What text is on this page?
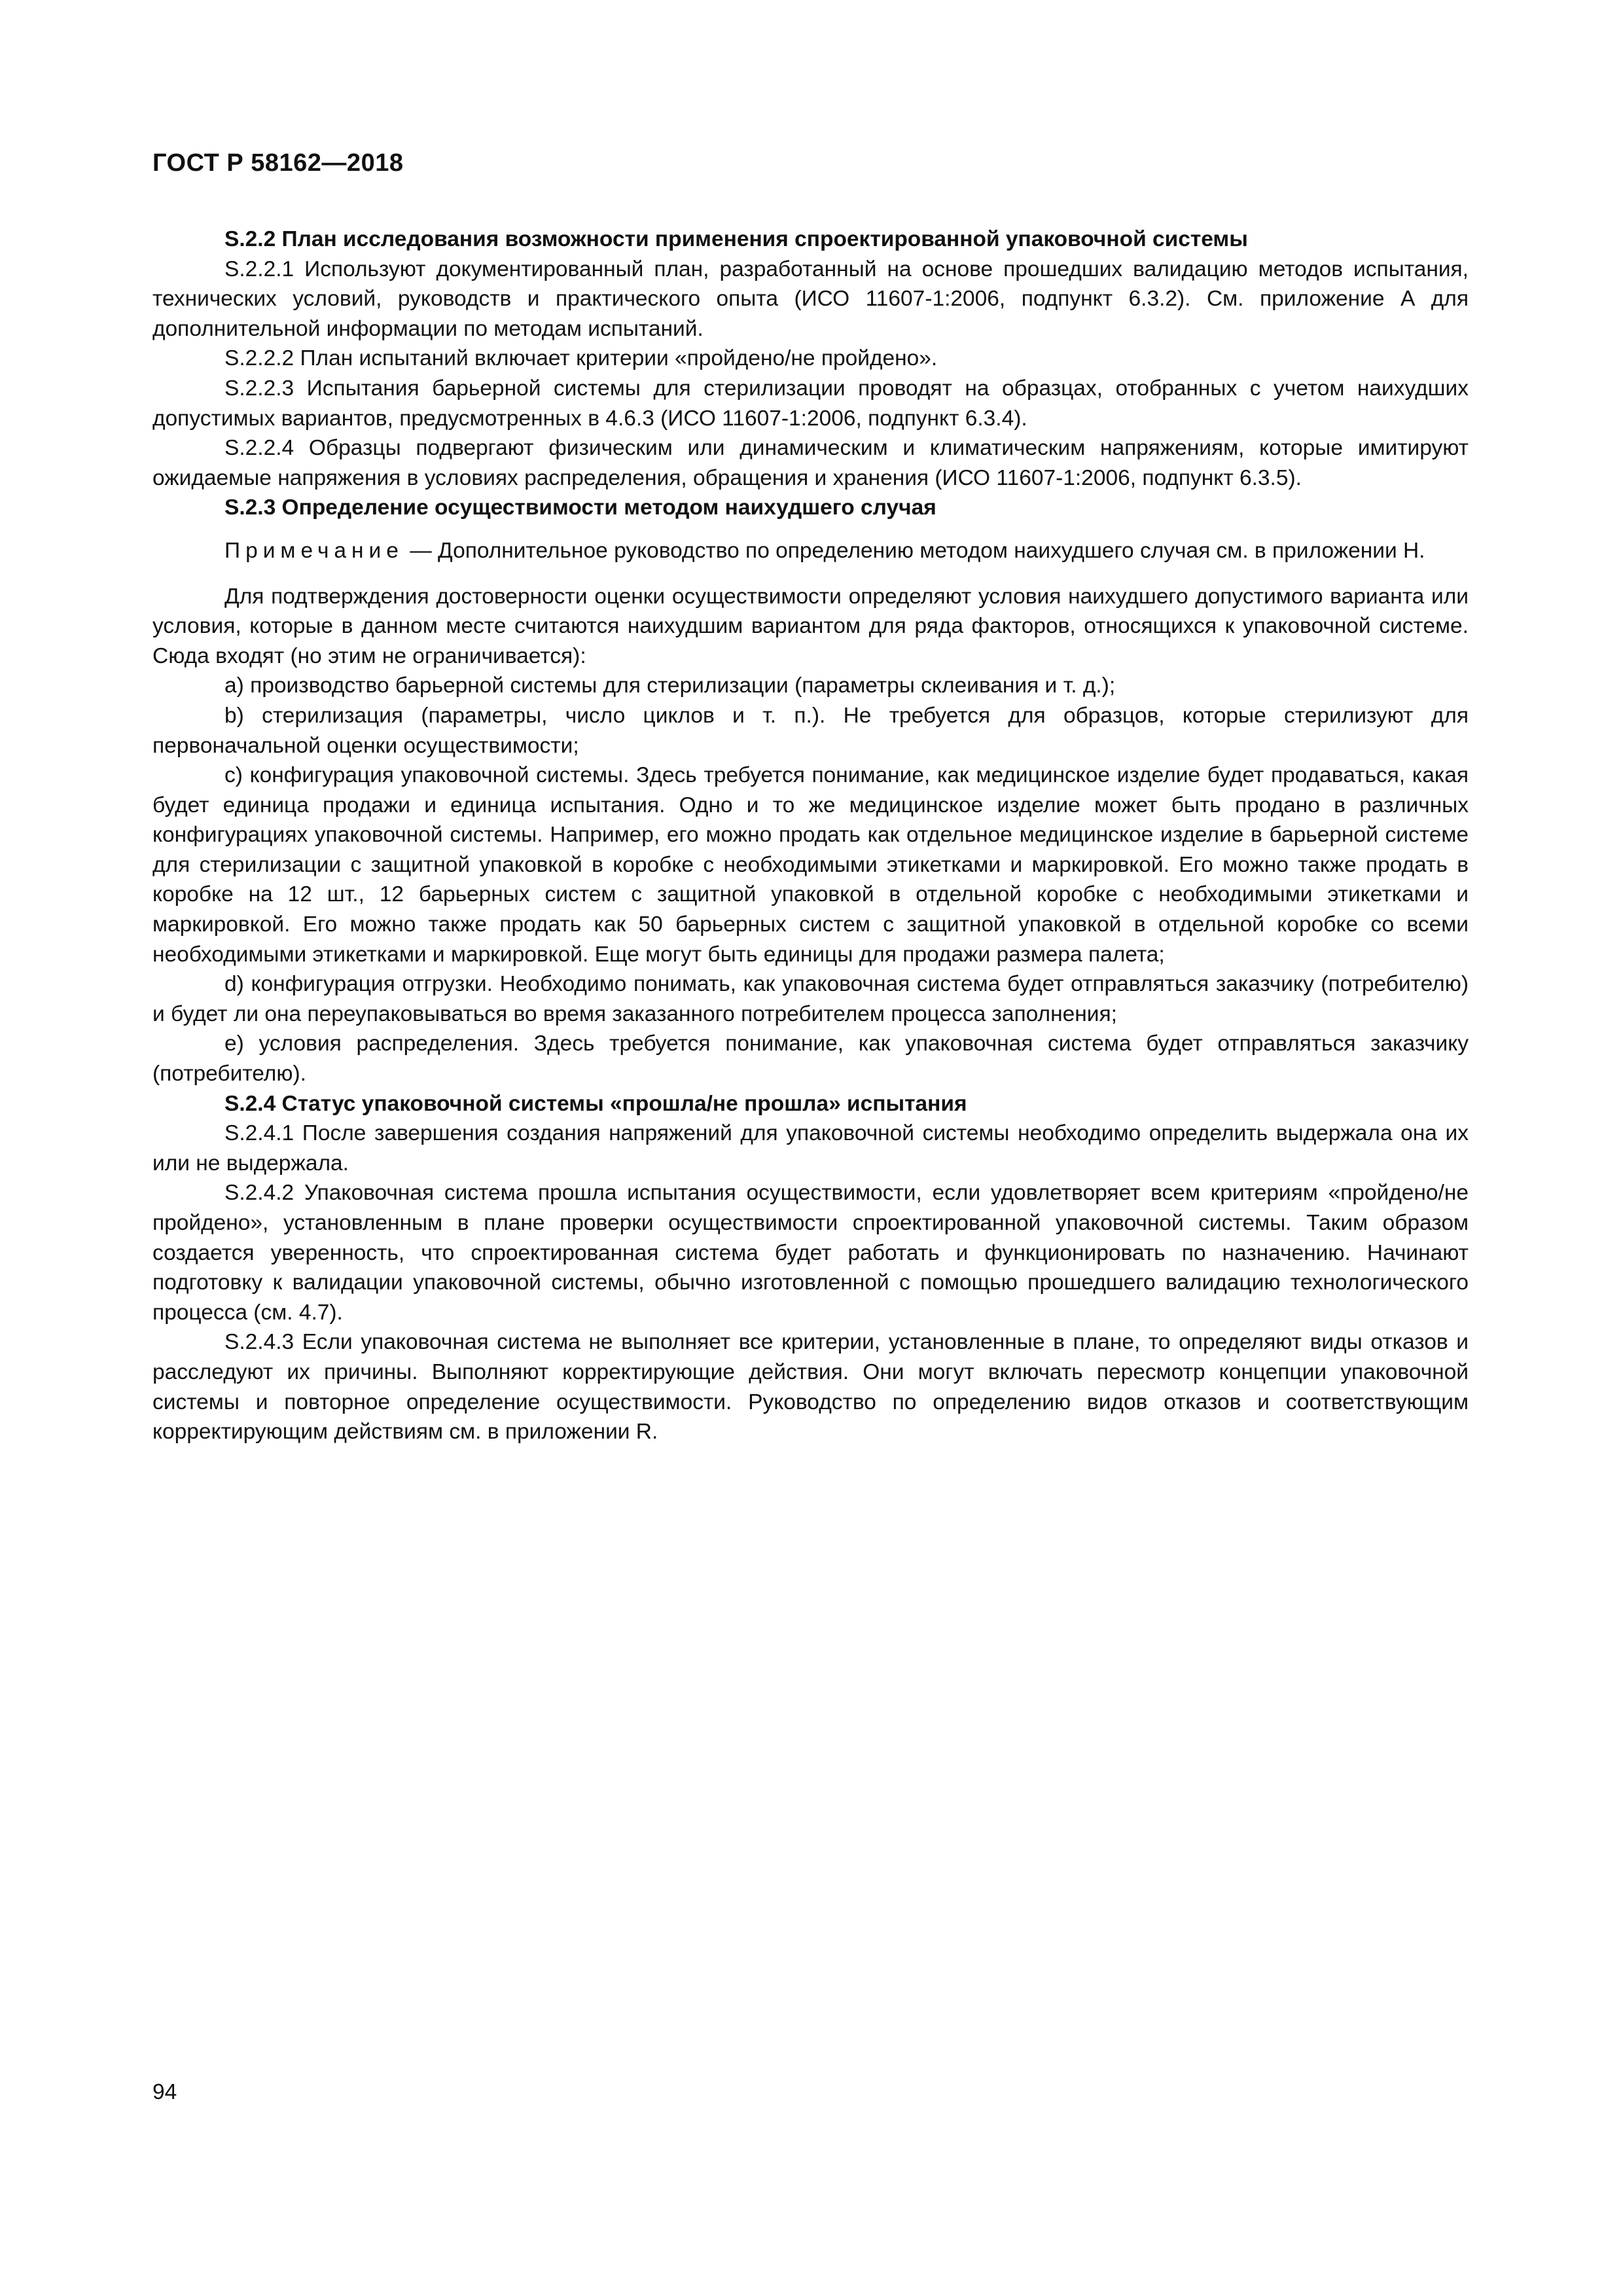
ГОСТ Р 58162—2018

S.2.2 План исследования возможности применения спроектированной упаковочной системы

S.2.2.1 Используют документированный план, разработанный на основе прошедших валидацию методов испытания, технических условий, руководств и практического опыта (ИСО 11607-1:2006, подпункт 6.3.2). См. приложение А для дополнительной информации по методам испытаний.

S.2.2.2 План испытаний включает критерии «пройдено/не пройдено».

S.2.2.3 Испытания барьерной системы для стерилизации проводят на образцах, отобранных с учетом наихудших допустимых вариантов, предусмотренных в 4.6.3 (ИСО 11607-1:2006, подпункт 6.3.4).

S.2.2.4 Образцы подвергают физическим или динамическим и климатическим напряжениям, которые имитируют ожидаемые напряжения в условиях распределения, обращения и хранения (ИСО 11607-1:2006, подпункт 6.3.5).

S.2.3 Определение осуществимости методом наихудшего случая

Примечание — Дополнительное руководство по определению методом наихудшего случая см. в приложении Н.

Для подтверждения достоверности оценки осуществимости определяют условия наихудшего допустимого варианта или условия, которые в данном месте считаются наихудшим вариантом для ряда факторов, относящихся к упаковочной системе. Сюда входят (но этим не ограничивается):

a) производство барьерной системы для стерилизации (параметры склеивания и т. д.);

b) стерилизация (параметры, число циклов и т. п.). Не требуется для образцов, которые стерилизуют для первоначальной оценки осуществимости;

c) конфигурация упаковочной системы. Здесь требуется понимание, как медицинское изделие будет продаваться, какая будет единица продажи и единица испытания. Одно и то же медицинское изделие может быть продано в различных конфигурациях упаковочной системы. Например, его можно продать как отдельное медицинское изделие в барьерной системе для стерилизации с защитной упаковкой в коробке с необходимыми этикетками и маркировкой. Его можно также продать в коробке на 12 шт., 12 барьерных систем с защитной упаковкой в отдельной коробке с необходимыми этикетками и маркировкой. Его можно также продать как 50 барьерных систем с защитной упаковкой в отдельной коробке со всеми необходимыми этикетками и маркировкой. Еще могут быть единицы для продажи размера палета;

d) конфигурация отгрузки. Необходимо понимать, как упаковочная система будет отправляться заказчику (потребителю) и будет ли она переупаковываться во время заказанного потребителем процесса заполнения;

e) условия распределения. Здесь требуется понимание, как упаковочная система будет отправляться заказчику (потребителю).

S.2.4 Статус упаковочной системы «прошла/не прошла» испытания

S.2.4.1 После завершения создания напряжений для упаковочной системы необходимо определить выдержала она их или не выдержала.

S.2.4.2 Упаковочная система прошла испытания осуществимости, если удовлетворяет всем критериям «пройдено/не пройдено», установленным в плане проверки осуществимости спроектированной упаковочной системы. Таким образом создается уверенность, что спроектированная система будет работать и функционировать по назначению. Начинают подготовку к валидации упаковочной системы, обычно изготовленной с помощью прошедшего валидацию технологического процесса (см. 4.7).

S.2.4.3 Если упаковочная система не выполняет все критерии, установленные в плане, то определяют виды отказов и расследуют их причины. Выполняют корректирующие действия. Они могут включать пересмотр концепции упаковочной системы и повторное определение осуществимости. Руководство по определению видов отказов и соответствующим корректирующим действиям см. в приложении R.

94
